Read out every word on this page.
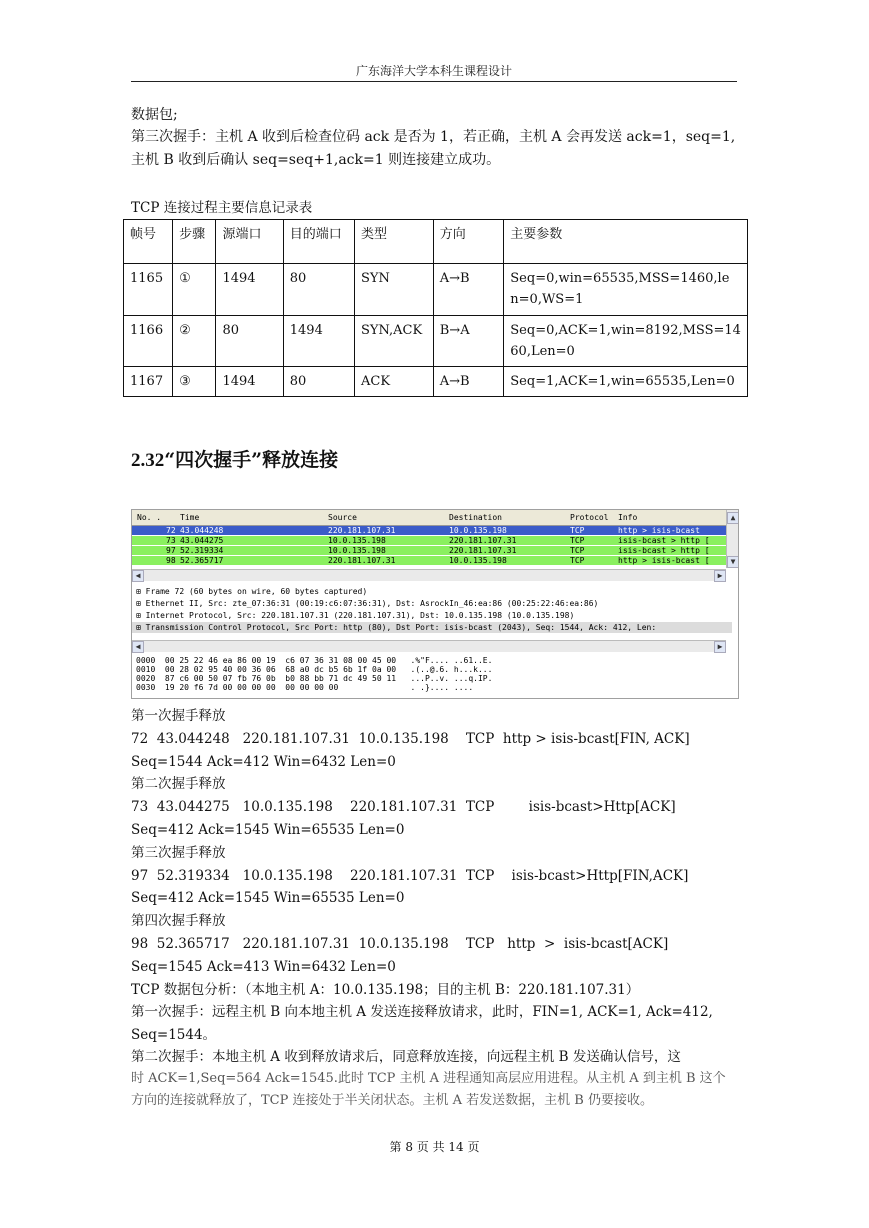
广东海洋大学本科生课程设计
数据包;
第三次握手：主机 A 收到后检查位码 ack 是否为 1，若正确，主机 A 会再发送 ack=1，seq=1,
主机 B 收到后确认 seq=seq+1,ack=1 则连接建立成功。
TCP 连接过程主要信息记录表
帧号	步骤	源端口	目的端口	类型	方向	主要参数
1165	①	1494	80	SYN	A→B	Seq=0,win=65535,MSS=1460,le
n=0,WS=1

1166	②	80	1494	SYN,ACK	B→A	Seq=0,ACK=1,win=8192,MSS=14
60,Len=0

1167	③	1494	80	ACK	A→B	Seq=1,ACK=1,win=65535,Len=0
2.32“四次握手”释放连接
No. . Time	Source	Destination	Protocol Info
72 43.044248	220.181.107.31	10.0.135.198	TCP	http > isis-bcast
73 43.044275	10.0.135.198	220.181.107.31	TCP	isis-bcast > http [
97 52.319334	10.0.135.198	220.181.107.31	TCP	isis-bcast > http [
98 52.365717	220.181.107.31	10.0.135.198	TCP	http > isis-bcast [
▲
▼
◀	▶
⊞ Frame 72 (60 bytes on wire, 60 bytes captured)
⊞ Ethernet II, Src: zte_07:36:31 (00:19:c6:07:36:31), Dst: AsrockIn_46:ea:86 (00:25:22:46:ea:86)
⊞ Internet Protocol, Src: 220.181.107.31 (220.181.107.31), Dst: 10.0.135.198 (10.0.135.198)
⊞ Transmission Control Protocol, Src Port: http (80), Dst Port: isis-bcast (2043), Seq: 1544, Ack: 412, Len:
◀	▶
0000  00 25 22 46 ea 86 00 19  c6 07 36 31 08 00 45 00   .%"F.... ..61..E.
0010  00 28 02 95 40 00 36 06  68 a0 dc b5 6b 1f 0a 00   .(..@.6. h...k...
0020  87 c6 00 50 07 fb 76 0b  b0 88 bb 71 dc 49 50 11   ...P..v. ...q.IP.
0030  19 20 f6 7d 00 00 00 00  00 00 00 00               . .}.... ....
第一次握手释放
72  43.044248   220.181.107.31  10.0.135.198    TCP  http > isis-bcast[FIN, ACK]
Seq=1544 Ack=412 Win=6432 Len=0
第二次握手释放
73  43.044275   10.0.135.198    220.181.107.31  TCP        isis-bcast>Http[ACK]
Seq=412 Ack=1545 Win=65535 Len=0
第三次握手释放
97  52.319334   10.0.135.198    220.181.107.31  TCP    isis-bcast>Http[FIN,ACK]
Seq=412 Ack=1545 Win=65535 Len=0
第四次握手释放
98  52.365717   220.181.107.31  10.0.135.198    TCP   http  >  isis-bcast[ACK]
Seq=1545 Ack=413 Win=6432 Len=0
TCP 数据包分析：（本地主机 A：10.0.135.198；目的主机 B：220.181.107.31）
第一次握手：远程主机 B 向本地主机 A 发送连接释放请求，此时，FIN=1, ACK=1, Ack=412,
Seq=1544。
第二次握手：本地主机 A 收到释放请求后，同意释放连接，向远程主机 B 发送确认信号，这
时 ACK=1,Seq=564 Ack=1545.此时 TCP 主机 A 进程通知高层应用进程。从主机 A 到主机 B 这个
方向的连接就释放了，TCP 连接处于半关闭状态。主机 A 若发送数据，主机 B 仍要接收。
第 8 页 共 14 页
